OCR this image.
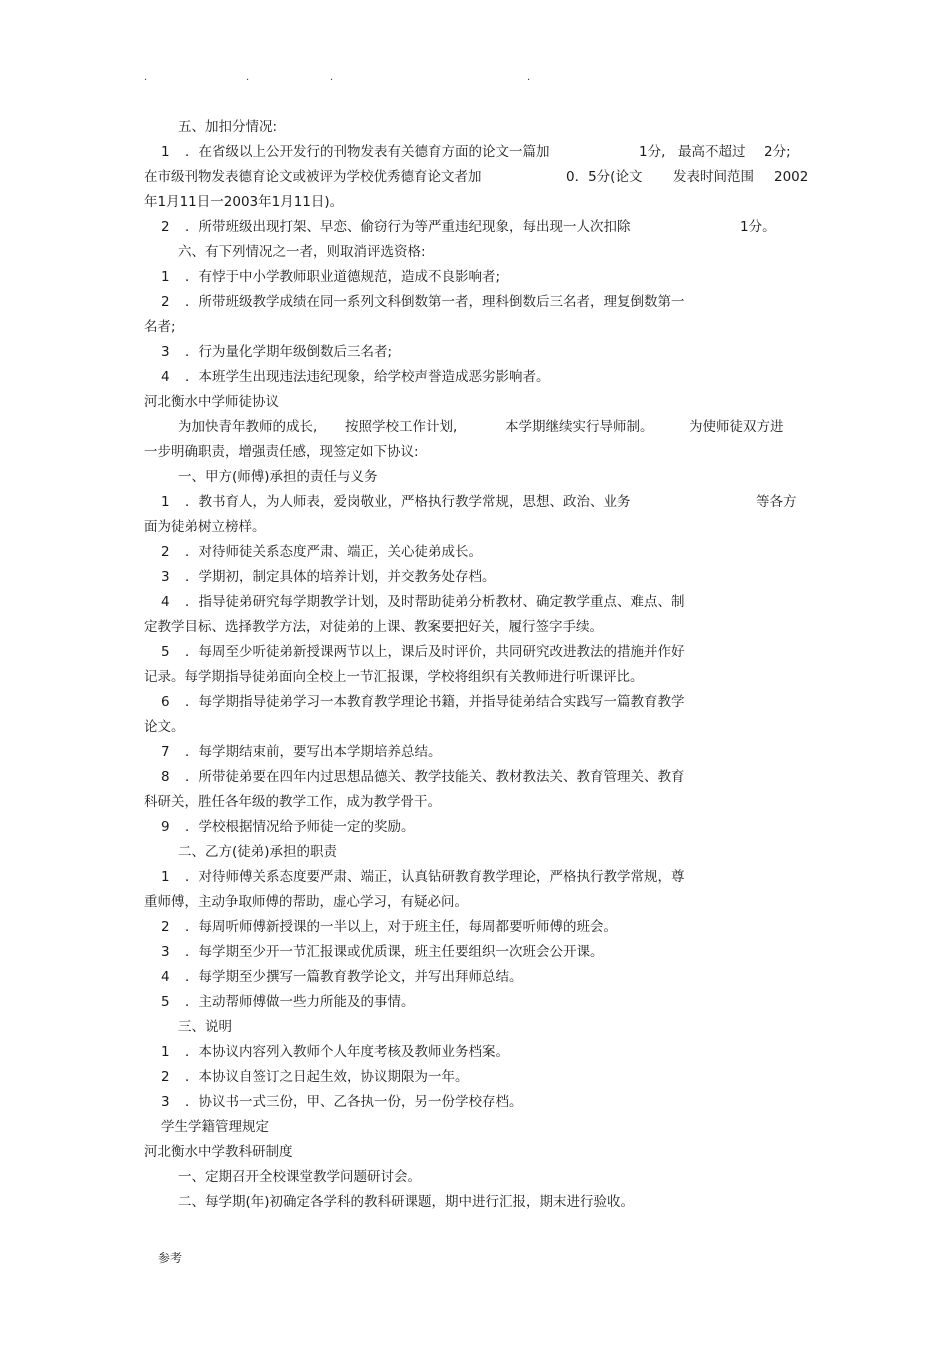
.	.	.	.
五、加扣分情况:
1 ．在省级以上公开发行的刊物发表有关德育方面的论文一篇加	1分, 最高不超过 2分;
在市级刊物发表德育论文或被评为学校优秀德育论文者加	0．5分(论文 发表时间范围 2002
年1月11日一2003年1月11日)。
2 ．所带班级出现打架、早恋、偷窃行为等严重违纪现象，每出现一人次扣除	1分。
六、有下列情况之一者，则取消评选资格:
1 ．有悖于中小学教师职业道德规范，造成不良影响者;
2 ．所带班级教学成绩在同一系列文科倒数第一者，理科倒数后三名者，理复倒数第一
名者;
3 ．行为量化学期年级倒数后三名者;
4 ．本班学生出现违法违纪现象，给学校声誉造成恶劣影响者。
河北衡水中学师徒协议
为加快青年教师的成长, 按照学校工作计划,	本学期继续实行导师制。	为使师徒双方进
一步明确职责，增强责任感，现签定如下协议:
一、甲方(师傅)承担的责任与义务
1 ．教书育人，为人师表，爱岗敬业，严格执行教学常规，思想、政治、业务	等各方
面为徒弟树立榜样。
2 ．对待师徒关系态度严肃、端正，关心徒弟成长。
3 ．学期初，制定具体的培养计划，并交教务处存档。
4 ．指导徒弟研究每学期教学计划，及时帮助徒弟分析教材、确定教学重点、难点、制
定教学目标、选择教学方法，对徒弟的上课、教案要把好关，履行签字手续。
5 ．每周至少听徒弟新授课两节以上，课后及时评价，共同研究改进教法的措施并作好
记录。每学期指导徒弟面向全校上一节汇报课，学校将组织有关教师进行听课评比。
6 ．每学期指导徒弟学习一本教育教学理论书籍，并指导徒弟结合实践写一篇教育教学
论文。
7 ．每学期结束前，要写出本学期培养总结。
8 ．所带徒弟要在四年内过思想品德关、教学技能关、教材教法关、教育管理关、教育
科研关，胜任各年级的教学工作，成为教学骨干。
9 ．学校根据情况给予师徒一定的奖励。
二、乙方(徒弟)承担的职责
1 ．对待师傅关系态度要严肃、端正，认真钻研教育教学理论，严格执行教学常规，尊
重师傅，主动争取师傅的帮助，虚心学习，有疑必问。
2 ．每周听师傅新授课的一半以上，对于班主任，每周都要听师傅的班会。
3 ．每学期至少开一节汇报课或优质课，班主任要组织一次班会公开课。
4 ．每学期至少撰写一篇教育教学论文，并写出拜师总结。
5 ．主动帮师傅做一些力所能及的事情。
三、说明
1 ．本协议内容列入教师个人年度考核及教师业务档案。
2 ．本协议自签订之日起生效，协议期限为一年。
3 ．协议书一式三份，甲、乙各执一份，另一份学校存档。
学生学籍管理规定
河北衡水中学教科研制度
一、定期召开全校课堂教学问题研讨会。
二、每学期(年)初确定各学科的教科研课题，期中进行汇报，期末进行验收。
参考
